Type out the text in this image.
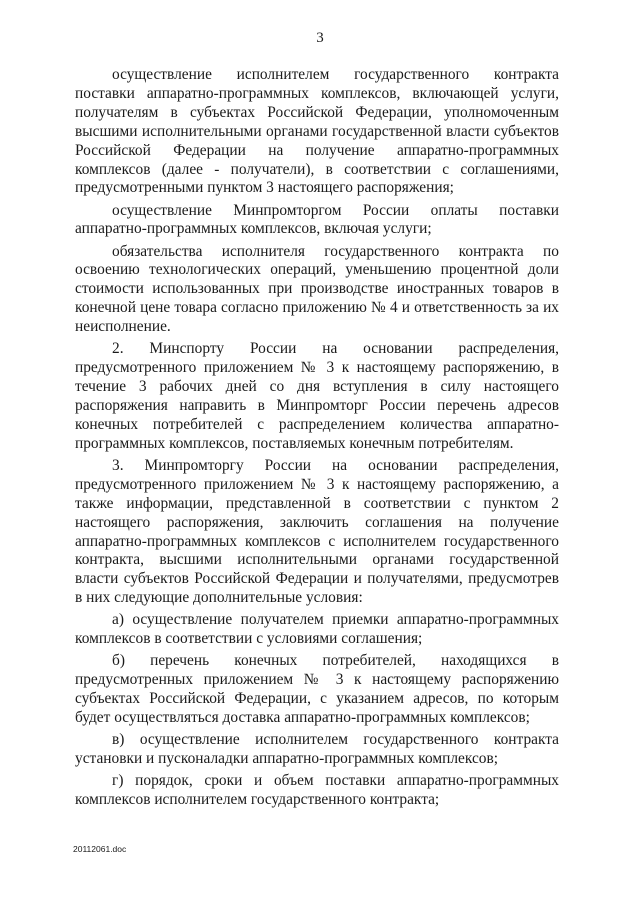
3

осуществление исполнителем государственного контракта поставки аппаратно-программных комплексов, включающей услуги, получателям в субъектах Российской Федерации, уполномоченным высшими исполнительными органами государственной власти субъектов Российской Федерации на получение аппаратно-программных комплексов (далее - получатели), в соответствии с соглашениями, предусмотренными пунктом 3 настоящего распоряжения;

осуществление Минпромторгом России оплаты поставки аппаратно-программных комплексов, включая услуги;

обязательства исполнителя государственного контракта по освоению технологических операций, уменьшению процентной доли стоимости использованных при производстве иностранных товаров в конечной цене товара согласно приложению № 4 и ответственность за их неисполнение.

2. Минспорту России на основании распределения, предусмотренного приложением № 3 к настоящему распоряжению, в течение 3 рабочих дней со дня вступления в силу настоящего распоряжения направить в Минпромторг России перечень адресов конечных потребителей с распределением количества аппаратно-программных комплексов, поставляемых конечным потребителям.

3. Минпромторгу России на основании распределения, предусмотренного приложением № 3 к настоящему распоряжению, а также информации, представленной в соответствии с пунктом 2 настоящего распоряжения, заключить соглашения на получение аппаратно-программных комплексов с исполнителем государственного контракта, высшими исполнительными органами государственной власти субъектов Российской Федерации и получателями, предусмотрев в них следующие дополнительные условия:

а) осуществление получателем приемки аппаратно-программных комплексов в соответствии с условиями соглашения;

б) перечень конечных потребителей, находящихся в предусмотренных приложением № 3 к настоящему распоряжению субъектах Российской Федерации, с указанием адресов, по которым будет осуществляться доставка аппаратно-программных комплексов;

в) осуществление исполнителем государственного контракта установки и пусконаладки аппаратно-программных комплексов;

г) порядок, сроки и объем поставки аппаратно-программных комплексов исполнителем государственного контракта;

20112061.doc
